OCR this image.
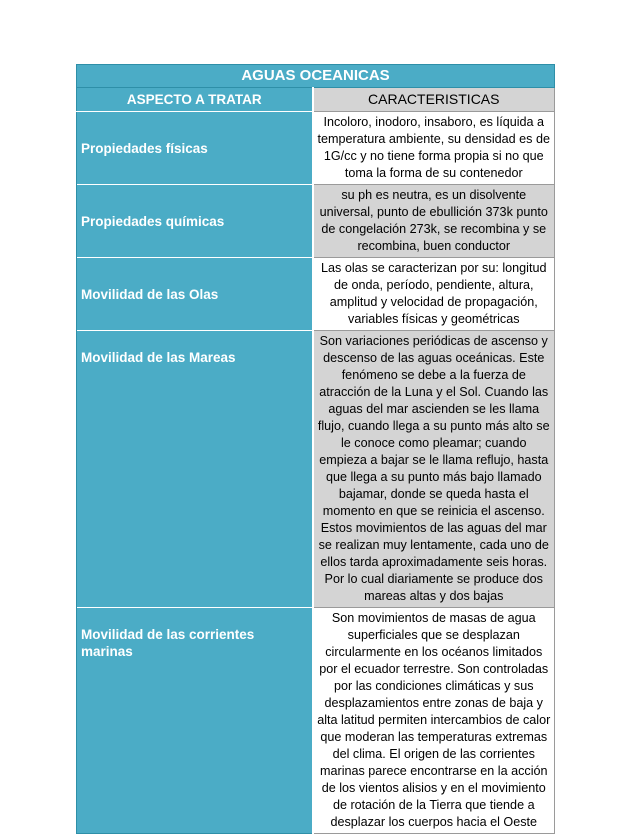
AGUAS OCEANICAS	
ASPECTO A TRATAR	CARACTERISTICAS

Propiedades físicas	Incoloro, inodoro, insaboro, es líquida a temperatura ambiente, su densidad es de 1G/cc y no tiene forma propia si no que toma la forma de su contenedor

Propiedades químicas	su ph es neutra, es un disolvente universal, punto de ebullición 373k punto de congelación 273k, se recombina y se recombina, buen conductor

Movilidad de las Olas	Las olas se caracterizan por su: longitud de onda, período, pendiente, altura, amplitud y velocidad de propagación, variables físicas y geométricas

Movilidad de las Mareas	Son variaciones periódicas de ascenso y descenso de las aguas oceánicas. Este fenómeno se debe a la fuerza de atracción de la Luna y el Sol. Cuando las aguas del mar ascienden se les llama flujo, cuando llega a su punto más alto se le conoce como pleamar; cuando empieza a bajar se le llama reflujo, hasta que llega a su punto más bajo llamado bajamar, donde se queda hasta el momento en que se reinicia el ascenso. Estos movimientos de las aguas del mar se realizan muy lentamente, cada uno de ellos tarda aproximadamente seis horas. Por lo cual diariamente se produce dos mareas altas y dos bajas

Movilidad de las corrientes marinas	Son movimientos de masas de agua superficiales que se desplazan circularmente en los océanos limitados por el ecuador terrestre. Son controladas por las condiciones climáticas y sus desplazamientos entre zonas de baja y alta latitud permiten intercambios de calor que moderan las temperaturas extremas del clima. El origen de las corrientes marinas parece encontrarse en la acción de los vientos alisios y en el movimiento de rotación de la Tierra que tiende a desplazar los cuerpos hacia el Oeste
